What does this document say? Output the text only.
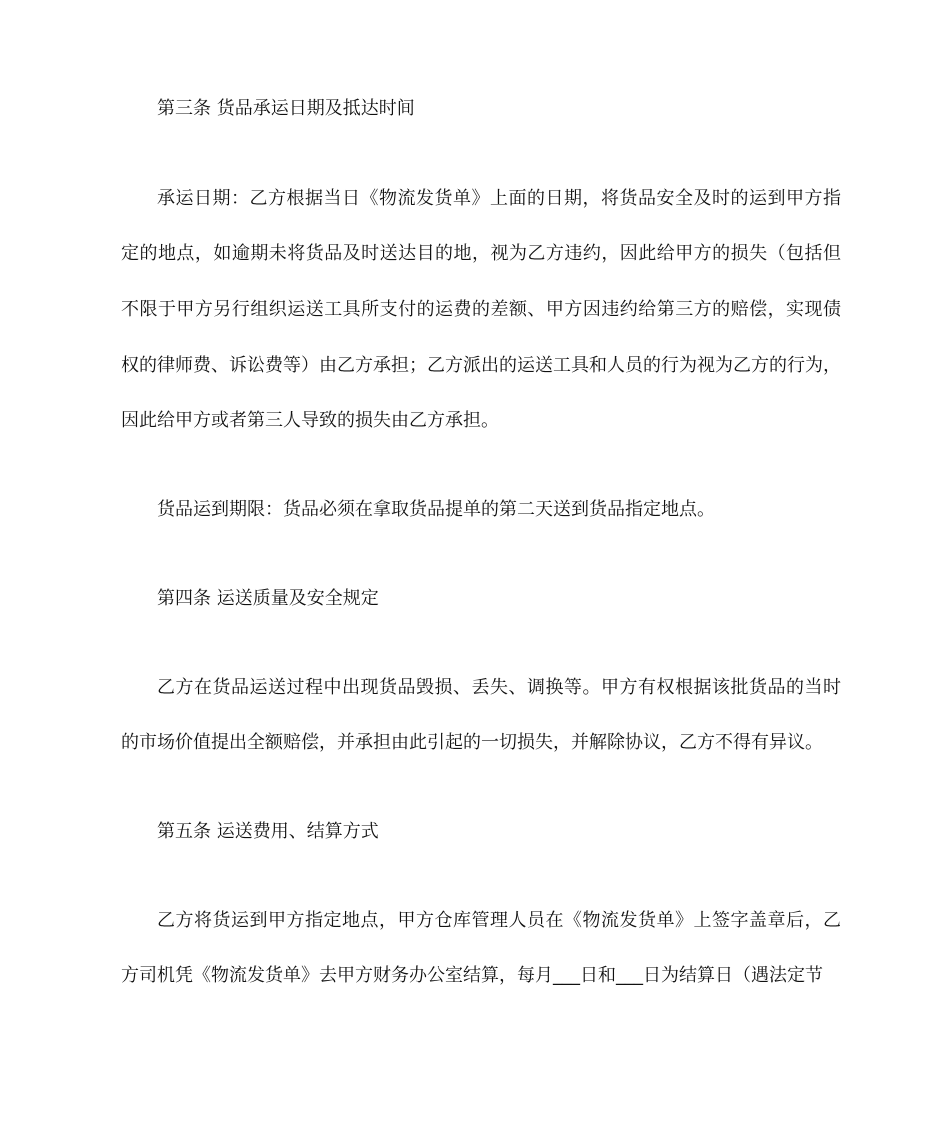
第三条 货品承运日期及抵达时间
承运日期：乙方根据当日《物流发货单》上面的日期，将货品安全及时的运到甲方指
定的地点，如逾期未将货品及时送达目的地，视为乙方违约，因此给甲方的损失（包括但
不限于甲方另行组织运送工具所支付的运费的差额、甲方因违约给第三方的赔偿，实现债
权的律师费、诉讼费等）由乙方承担；乙方派出的运送工具和人员的行为视为乙方的行为，
因此给甲方或者第三人导致的损失由乙方承担。
货品运到期限：货品必须在拿取货品提单的第二天送到货品指定地点。
第四条 运送质量及安全规定
乙方在货品运送过程中出现货品毁损、丢失、调换等。甲方有权根据该批货品的当时
的市场价值提出全额赔偿，并承担由此引起的一切损失，并解除协议，乙方不得有异议。
第五条 运送费用、结算方式
乙方将货运到甲方指定地点，甲方仓库管理人员在《物流发货单》上签字盖章后，乙
方司机凭《物流发货单》去甲方财务办公室结算，每月___日和___日为结算日（遇法定节
